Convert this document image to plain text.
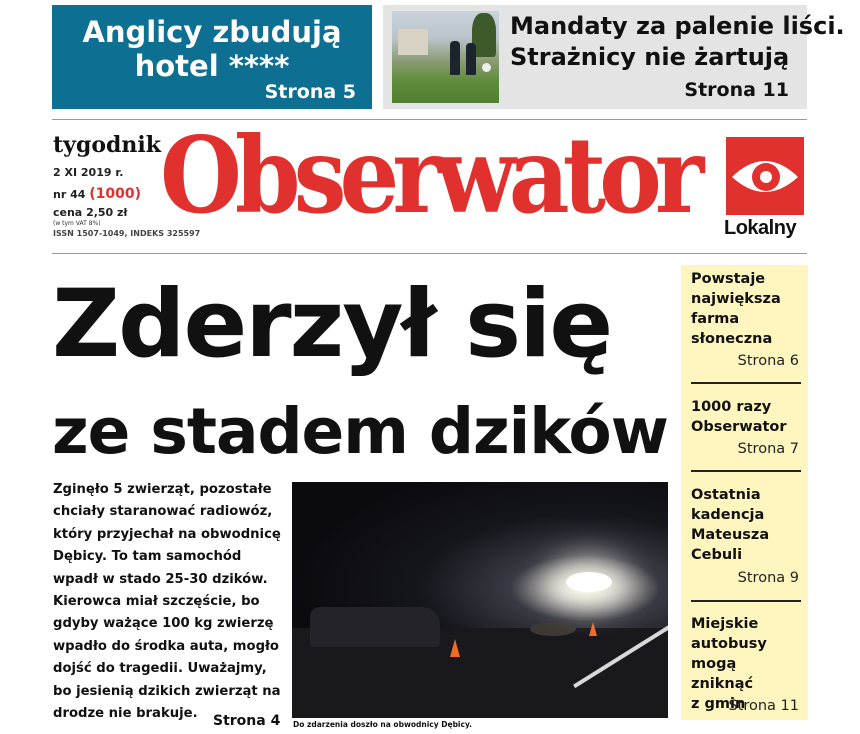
Anglicy zbudują
hotel ****
Strona 5
Mandaty za palenie liści.
Strażnicy nie żartują
Strona 11
tygodnik
2 XI 2019 r.
nr 44 (1000)
cena 2,50 zł
(w tym VAT 8%)
ISSN 1507-1049, INDEKS 325597
Obserwator Lokalny
Zderzył się
ze stadem dzików
Zginęło 5 zwierząt, pozostałe
chciały staranować radiowóz,
który przyjechał na obwodnicę
Dębicy. To tam samochód
wpadł w stado 25-30 dzików.
Kierowca miał szczęście, bo
gdyby ważące 100 kg zwierzę
wpadło do środka auta, mogło
dojść do tragedii. Uważajmy,
bo jesienią dzikich zwierząt na
drodze nie brakuje.	Strona 4 Do zdarzenia doszło na obwodnicy Dębicy.
Powstaje
największa
farma
słoneczna
Strona 6
1000 razy
Obserwator
Strona 7
Ostatnia
kadencja
Mateusza
Cebuli
Strona 9
Miejskie
autobusy
mogą zniknąć
z gmin
Strona 11
